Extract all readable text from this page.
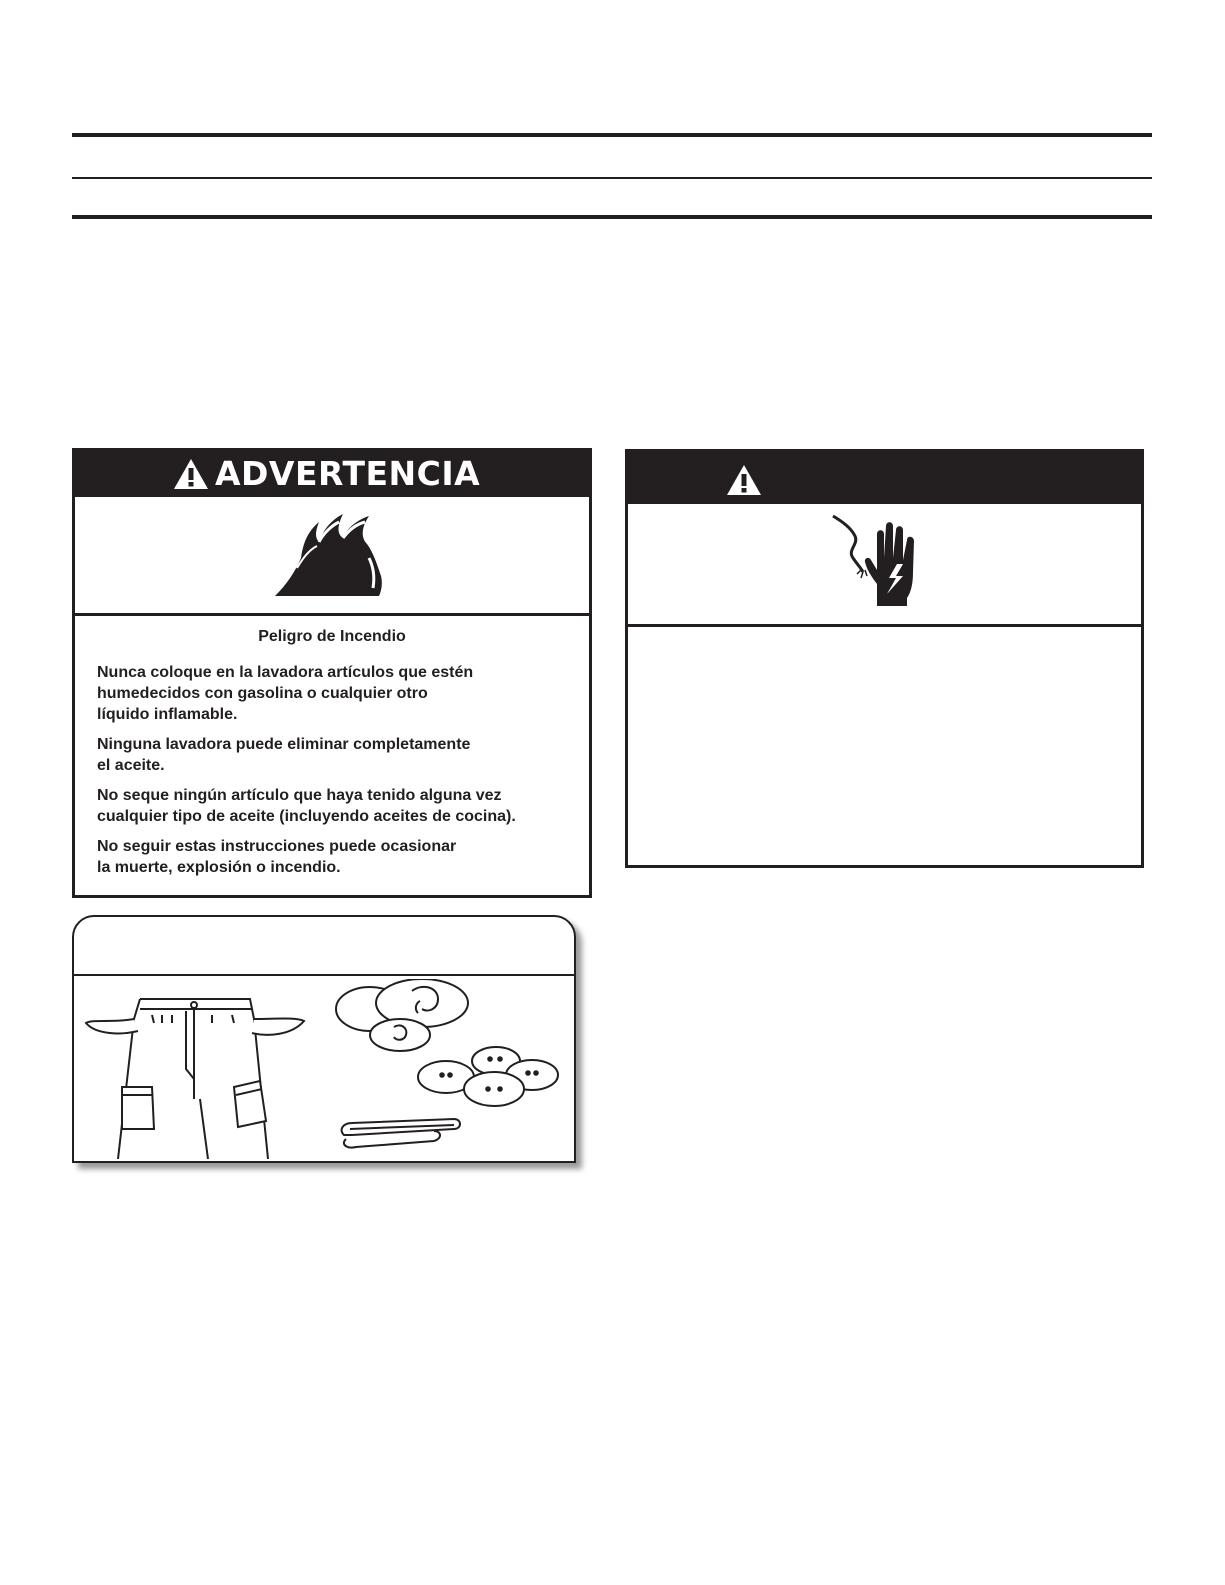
ADVERTENCIA
Peligro de Incendio

Nunca coloque en la lavadora artículos que estén
humedecidos con gasolina o cualquier otro
líquido inflamable.

Ninguna lavadora puede eliminar completamente
el aceite.

No seque ningún artículo que haya tenido alguna vez
cualquier tipo de aceite (incluyendo aceites de cocina).

No seguir estas instrucciones puede ocasionar
la muerte, explosión o incendio.
